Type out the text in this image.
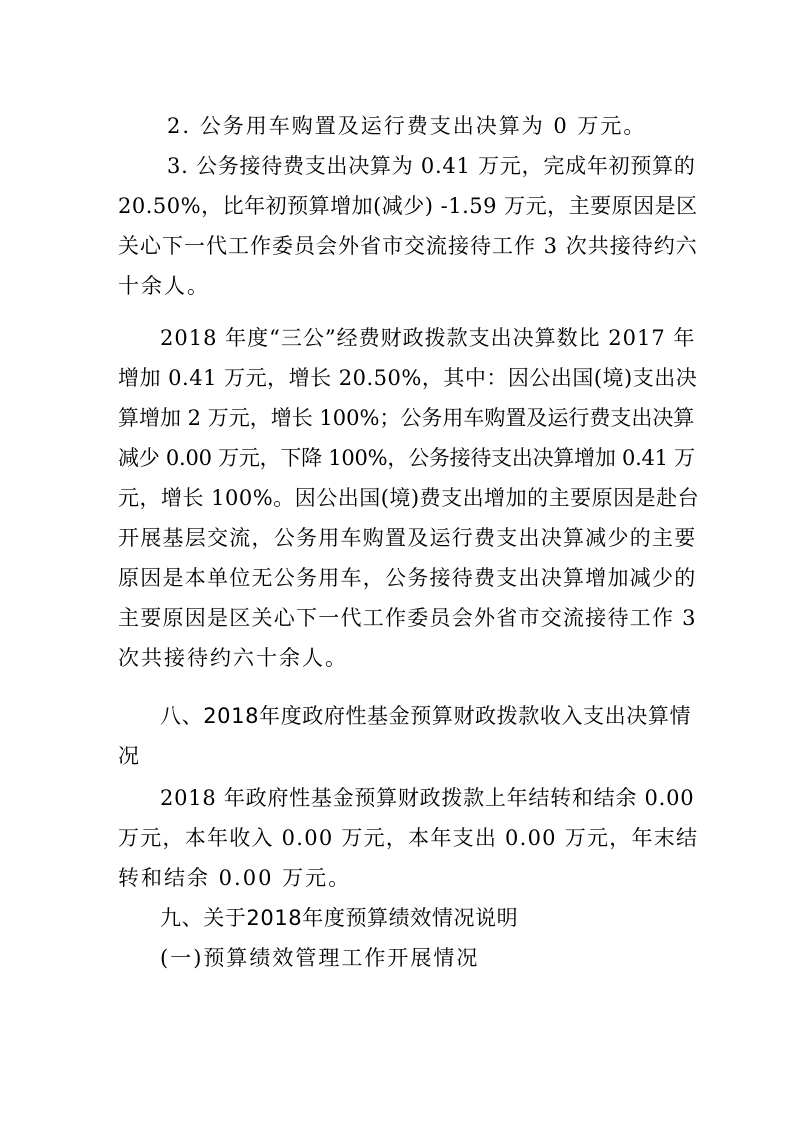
2. 公务用车购置及运行费支出决算为 0 万元。
3. 公务接待费支出决算为 0.41 万元，完成年初预算的
20.50%，比年初预算增加(减少) -1.59 万元，主要原因是区
关心下一代工作委员会外省市交流接待工作 3 次共接待约六
十余人。
2018 年度“三公”经费财政拨款支出决算数比 2017 年
增加 0.41 万元，增长 20.50%，其中：因公出国(境)支出决
算增加 2 万元，增长 100%；公务用车购置及运行费支出决算
减少 0.00 万元，下降 100%，公务接待支出决算增加 0.41 万
元，增长 100%。因公出国(境)费支出增加的主要原因是赴台
开展基层交流，公务用车购置及运行费支出决算减少的主要
原因是本单位无公务用车，公务接待费支出决算增加减少的
主要原因是区关心下一代工作委员会外省市交流接待工作 3
次共接待约六十余人。
八、2018年度政府性基金预算财政拨款收入支出决算情
况
2018 年政府性基金预算财政拨款上年结转和结余 0.00
万元，本年收入 0.00 万元，本年支出 0.00 万元，年末结
转和结余 0.00 万元。
九、关于2018年度预算绩效情况说明
(一)预算绩效管理工作开展情况
